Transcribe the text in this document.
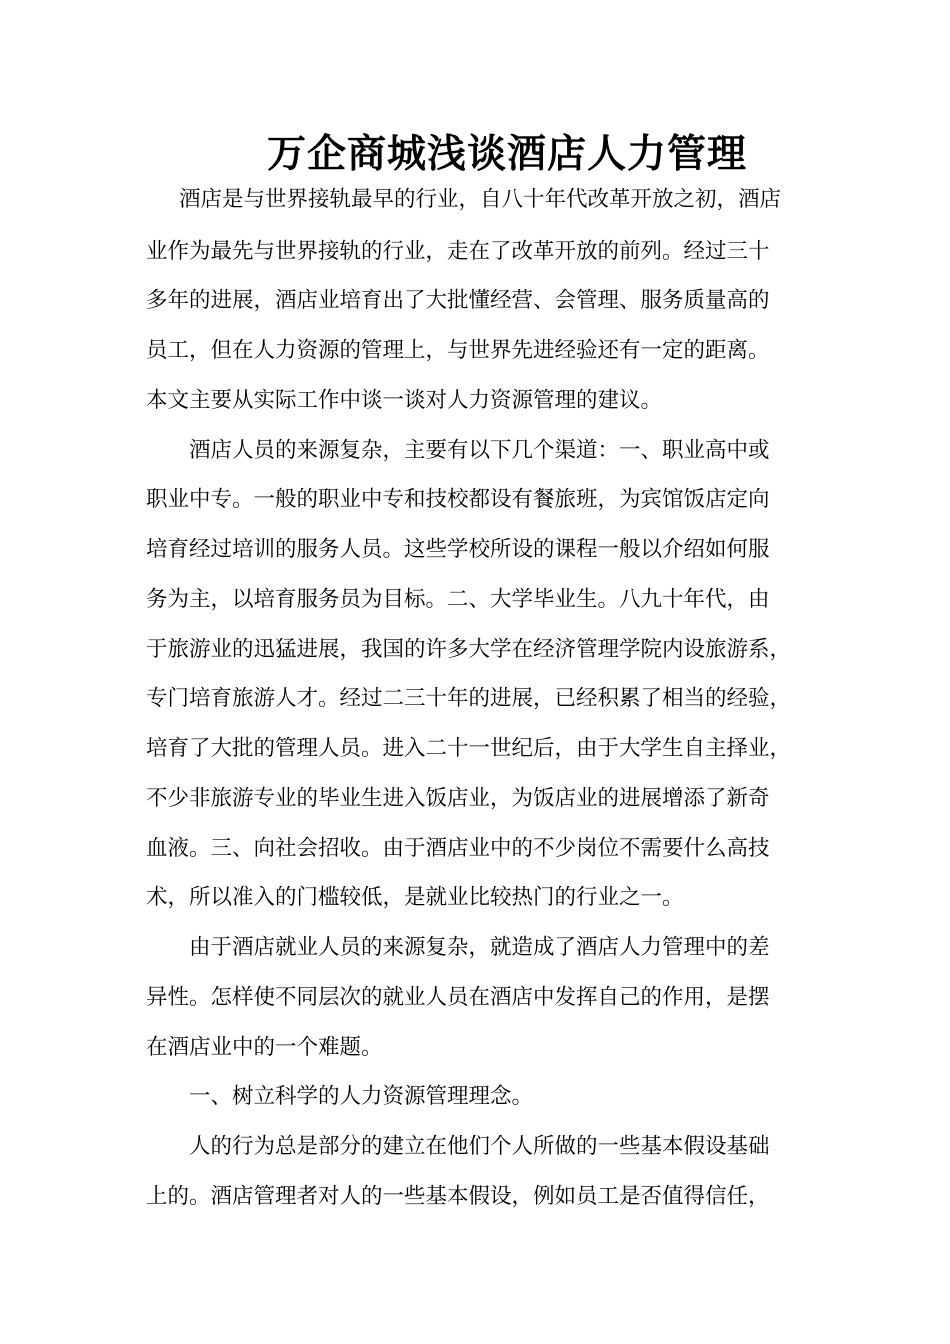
万企商城浅谈酒店人力管理
酒店是与世界接轨最早的行业，自八十年代改革开放之初，酒店
业作为最先与世界接轨的行业，走在了改革开放的前列。经过三十
多年的进展，酒店业培育出了大批懂经营、会管理、服务质量高的
员工，但在人力资源的管理上，与世界先进经验还有一定的距离。
本文主要从实际工作中谈一谈对人力资源管理的建议。
酒店人员的来源复杂，主要有以下几个渠道：一、职业高中或
职业中专。一般的职业中专和技校都设有餐旅班，为宾馆饭店定向
培育经过培训的服务人员。这些学校所设的课程一般以介绍如何服
务为主，以培育服务员为目标。二、大学毕业生。八九十年代，由
于旅游业的迅猛进展，我国的许多大学在经济管理学院内设旅游系，
专门培育旅游人才。经过二三十年的进展，已经积累了相当的经验，
培育了大批的管理人员。进入二十一世纪后，由于大学生自主择业，
不少非旅游专业的毕业生进入饭店业，为饭店业的进展增添了新奇
血液。三、向社会招收。由于酒店业中的不少岗位不需要什么高技
术，所以准入的门槛较低，是就业比较热门的行业之一。
由于酒店就业人员的来源复杂，就造成了酒店人力管理中的差
异性。怎样使不同层次的就业人员在酒店中发挥自己的作用，是摆
在酒店业中的一个难题。
一、树立科学的人力资源管理理念。
人的行为总是部分的建立在他们个人所做的一些基本假设基础
上的。酒店管理者对人的一些基本假设，例如员工是否值得信任，
